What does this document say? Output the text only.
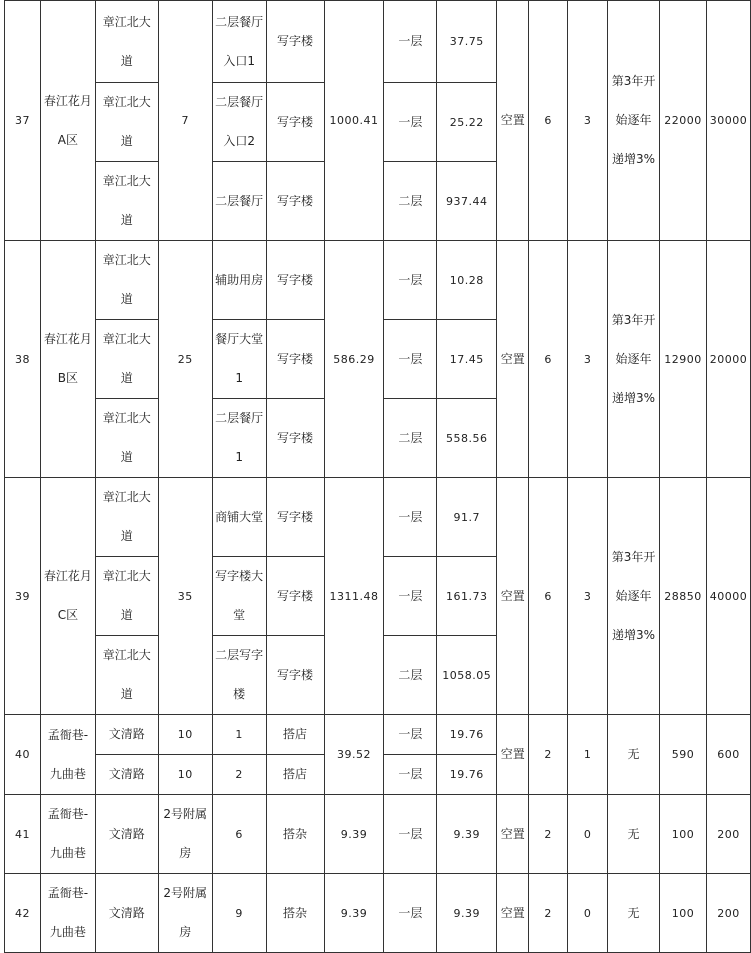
37	春江花月A区	章江北大道	7	二层餐厅入口1	写字楼	1000.41	一层	37.75	空置	6	3	第3年开始逐年递增3%	22000	30000
		章江北大道		二层餐厅入口2	写字楼		一层	25.22						
		章江北大道		二层餐厅	写字楼		二层	937.44						
38	春江花月B区	章江北大道	25	辅助用房	写字楼	586.29	一层	10.28	空置	6	3	第3年开始逐年递增3%	12900	20000
		章江北大道		餐厅大堂1	写字楼		一层	17.45						
		章江北大道		二层餐厅1	写字楼		二层	558.56						
39	春江花月C区	章江北大道	35	商铺大堂	写字楼	1311.48	一层	91.7	空置	6	3	第3年开始逐年递增3%	28850	40000
		章江北大道		写字楼大堂	写字楼		一层	161.73						
		章江北大道		二层写字楼	写字楼		二层	1058.05						
40	孟衙巷-九曲巷	文清路	10	1	搭店	39.52	一层	19.76	空置	2	1	无	590	600
		文清路	10	2	搭店		一层	19.76						
41	孟衙巷-九曲巷	文清路	2号附属房	6	搭杂	9.39	一层	9.39	空置	2	0	无	100	200
42	孟衙巷-九曲巷	文清路	2号附属房	9	搭杂	9.39	一层	9.39	空置	2	0	无	100	200
